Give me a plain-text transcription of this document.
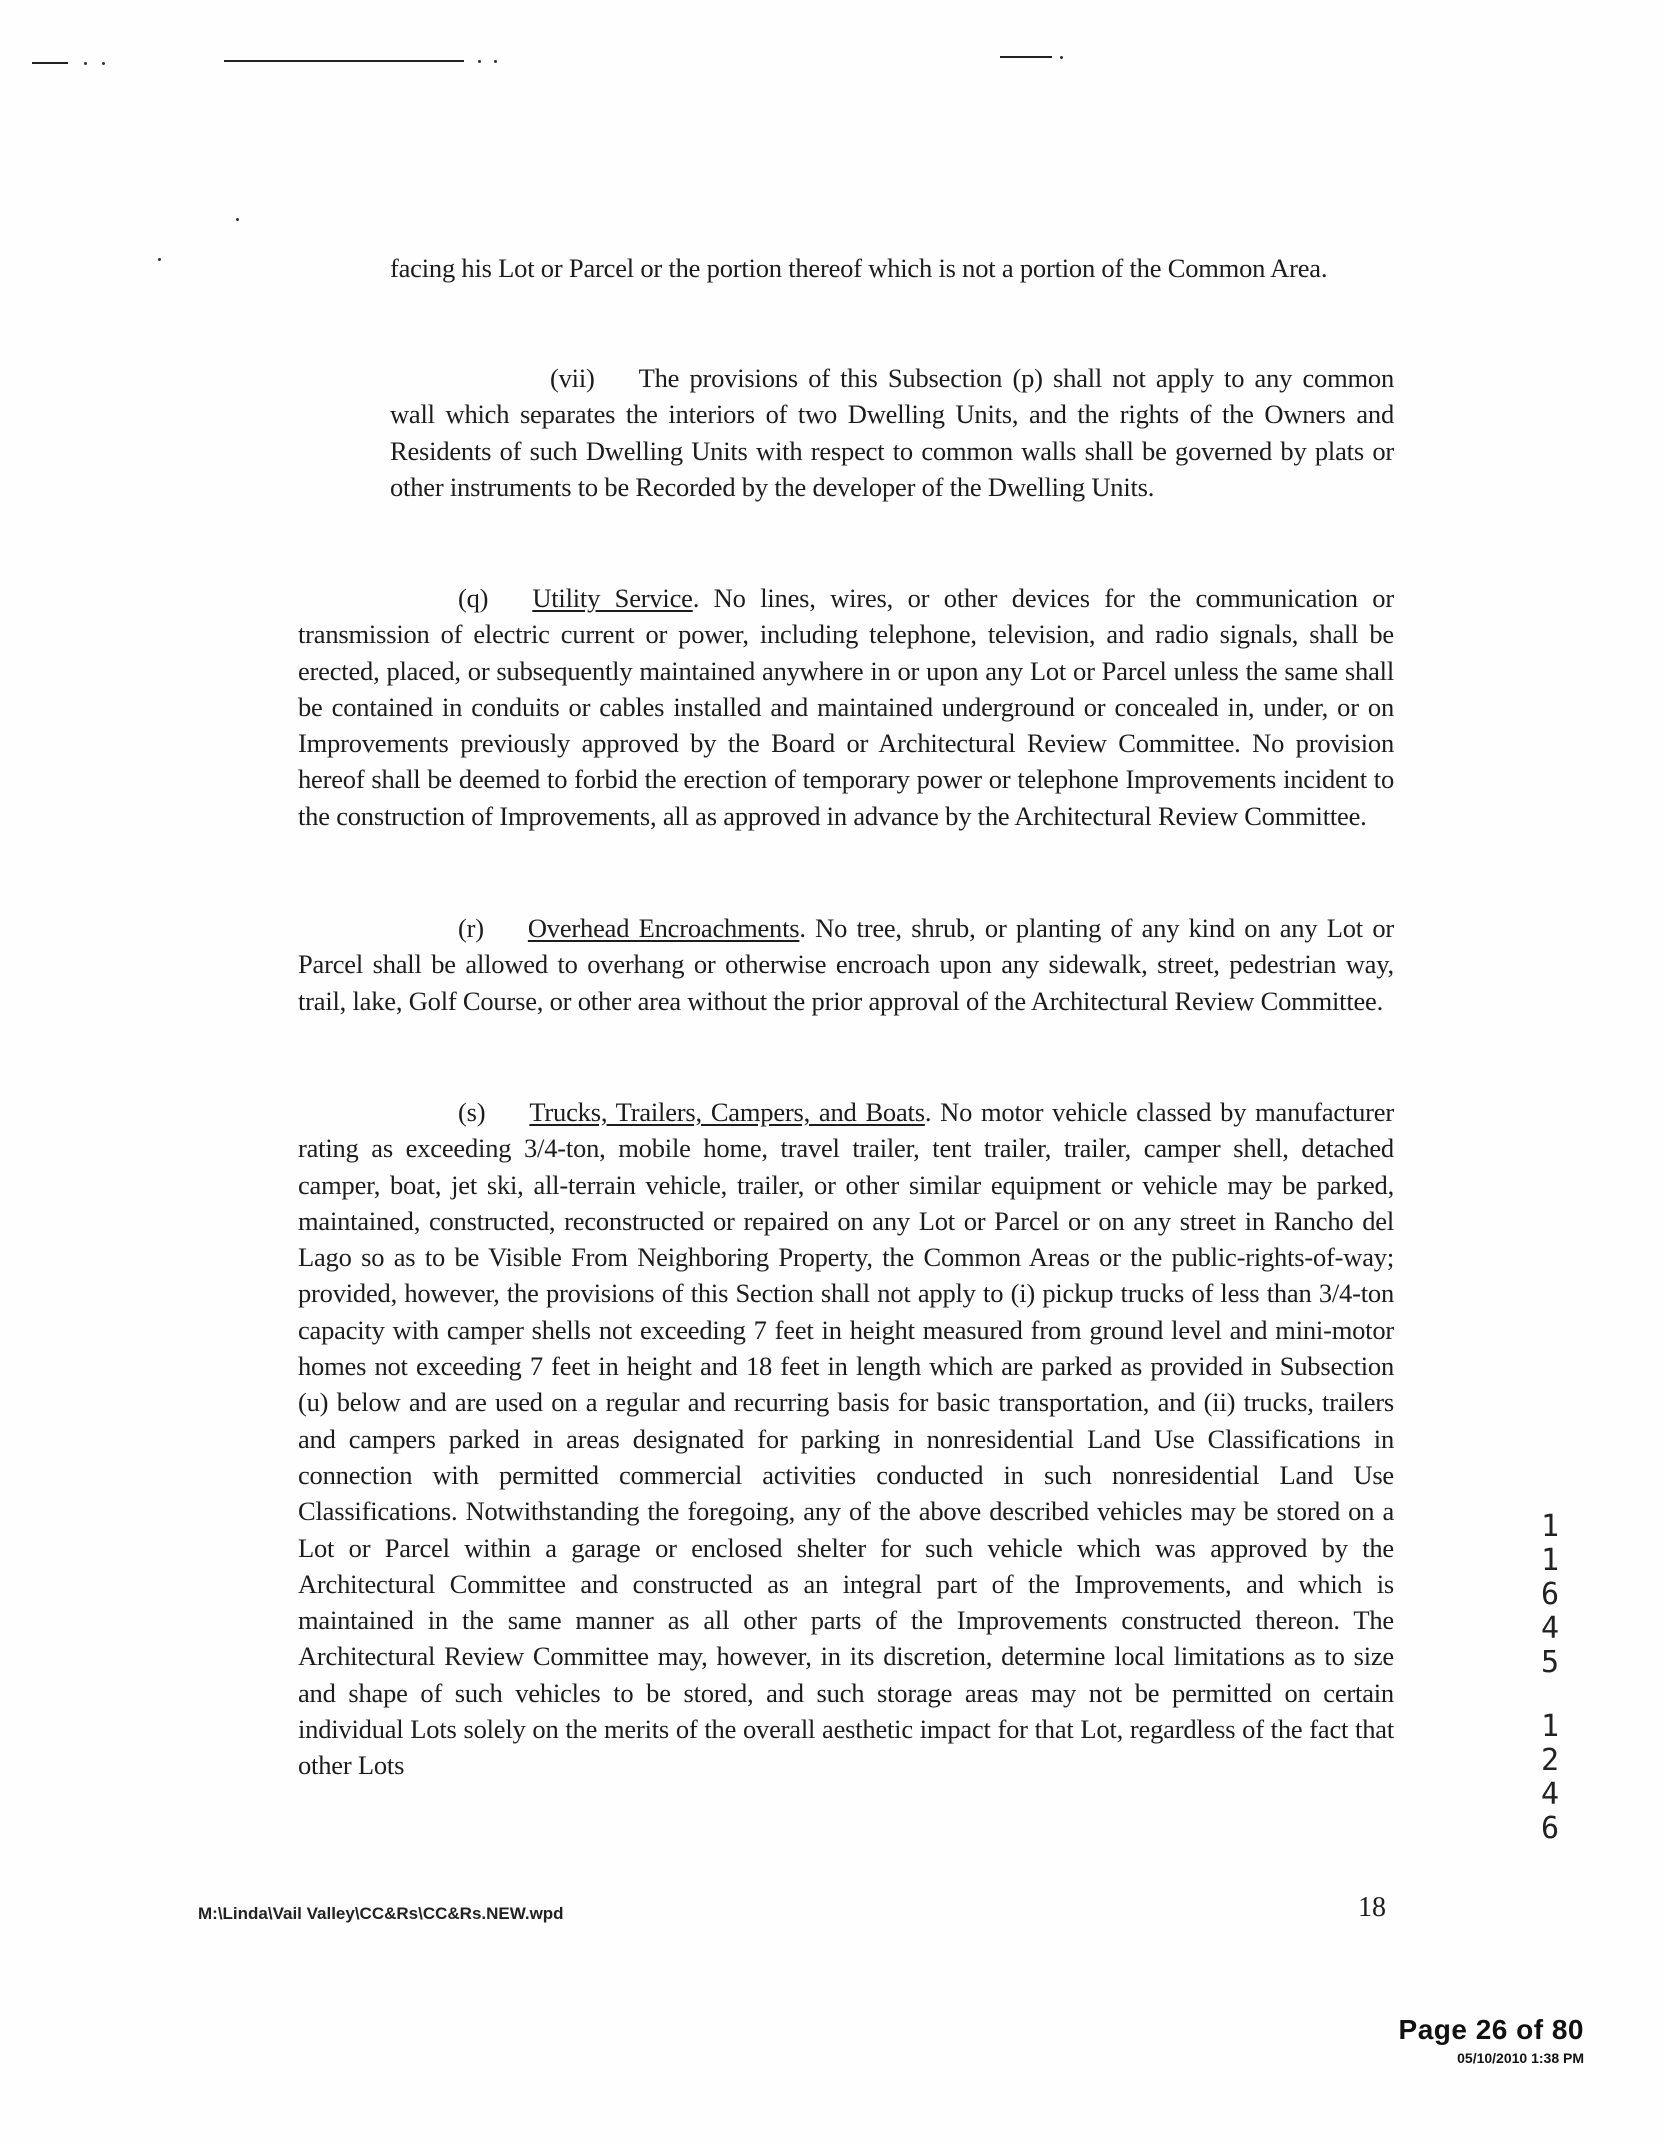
facing his Lot or Parcel or the portion thereof which is not a portion of the Common Area.

(vii) The provisions of this Subsection (p) shall not apply to any common wall which separates the interiors of two Dwelling Units, and the rights of the Owners and Residents of such Dwelling Units with respect to common walls shall be governed by plats or other instruments to be Recorded by the developer of the Dwelling Units.

(q) Utility Service. No lines, wires, or other devices for the communication or transmission of electric current or power, including telephone, television, and radio signals, shall be erected, placed, or subsequently maintained anywhere in or upon any Lot or Parcel unless the same shall be contained in conduits or cables installed and maintained underground or concealed in, under, or on Improvements previously approved by the Board or Architectural Review Committee. No provision hereof shall be deemed to forbid the erection of temporary power or telephone Improvements incident to the construction of Improvements, all as approved in advance by the Architectural Review Committee.

(r) Overhead Encroachments. No tree, shrub, or planting of any kind on any Lot or Parcel shall be allowed to overhang or otherwise encroach upon any sidewalk, street, pedestrian way, trail, lake, Golf Course, or other area without the prior approval of the Architectural Review Committee.

(s) Trucks, Trailers, Campers, and Boats. No motor vehicle classed by manufacturer rating as exceeding 3/4-ton, mobile home, travel trailer, tent trailer, trailer, camper shell, detached camper, boat, jet ski, all-terrain vehicle, trailer, or other similar equipment or vehicle may be parked, maintained, constructed, reconstructed or repaired on any Lot or Parcel or on any street in Rancho del Lago so as to be Visible From Neighboring Property, the Common Areas or the public-rights-of-way; provided, however, the provisions of this Section shall not apply to (i) pickup trucks of less than 3/4-ton capacity with camper shells not exceeding 7 feet in height measured from ground level and mini-motor homes not exceeding 7 feet in height and 18 feet in length which are parked as provided in Subsection (u) below and are used on a regular and recurring basis for basic transportation, and (ii) trucks, trailers and campers parked in areas designated for parking in nonresidential Land Use Classifications in connection with permitted commercial activities conducted in such nonresidential Land Use Classifications. Notwithstanding the foregoing, any of the above described vehicles may be stored on a Lot or Parcel within a garage or enclosed shelter for such vehicle which was approved by the Architectural Committee and constructed as an integral part of the Improvements, and which is maintained in the same manner as all other parts of the Improvements constructed thereon. The Architectural Review Committee may, however, in its discretion, determine local limitations as to size and shape of such vehicles to be stored, and such storage areas may not be permitted on certain individual Lots solely on the merits of the overall aesthetic impact for that Lot, regardless of the fact that other Lots

1
1
6
4
5
1
2
4
6
M:\Linda\Vail Valley\CC&Rs\CC&Rs.NEW.wpd	18
Page 26 of 80
05/10/2010 1:38 PM
